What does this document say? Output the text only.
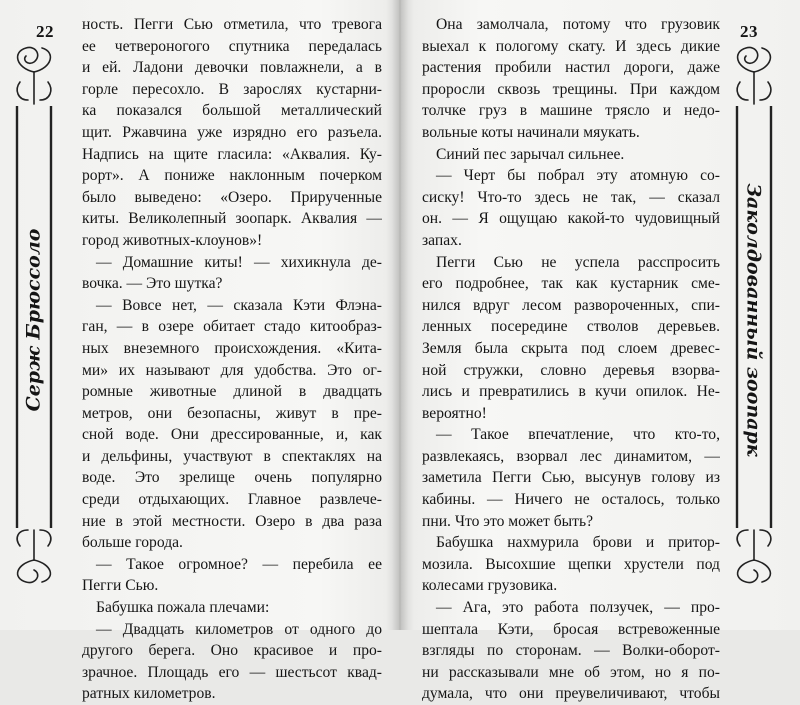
22
Серж Брюссоло
ность. Пегги Сью отметила, что тревога
ее четвероногого спутника передалась
и ей. Ладони девочки повлажнели, а в
горле пересохло. В зарослях кустарни-
ка показался большой металлический
щит. Ржавчина уже изрядно его разъела.
Надпись на щите гласила: «Аквалия. Ку-
рорт». А пониже наклонным почерком
было выведено: «Озеро. Прирученные
киты. Великолепный зоопарк. Аквалия —
город животных-клоунов»!
— Домашние киты! — хихикнула де-
вочка. — Это шутка?
— Вовсе нет, — сказала Кэти Флэна-
ган, — в озере обитает стадо китообраз-
ных внеземного происхождения. «Кита-
ми» их называют для удобства. Это ог-
ромные животные длиной в двадцать
метров, они безопасны, живут в пре-
сной воде. Они дрессированные, и, как
и дельфины, участвуют в спектаклях на
воде. Это зрелище очень популярно
среди отдыхающих. Главное развлече-
ние в этой местности. Озеро в два раза
больше города.
— Такое огромное? — перебила ее
Пегги Сью.
Бабушка пожала плечами:
— Двадцать километров от одного до
другого берега. Оно красивое и про-
зрачное. Площадь его — шестьсот квад-
ратных километров.
23
Заколдованный зоопарк
Она замолчала, потому что грузовик
выехал к пологому скату. И здесь дикие
растения пробили настил дороги, даже
проросли сквозь трещины. При каждом
толчке груз в машине трясло и недо-
вольные коты начинали мяукать.
Синий пес зарычал сильнее.
— Черт бы побрал эту атомную со-
сиску! Что-то здесь не так, — сказал
он. — Я ощущаю какой-то чудовищный
запах.
Пегги Сью не успела расспросить
его подробнее, так как кустарник сме-
нился вдруг лесом развороченных, спи-
ленных посередине стволов деревьев.
Земля была скрыта под слоем древес-
ной стружки, словно деревья взорва-
лись и превратились в кучи опилок. Не-
вероятно!
— Такое впечатление, что кто-то,
развлекаясь, взорвал лес динамитом, —
заметила Пегги Сью, высунув голову из
кабины. — Ничего не осталось, только
пни. Что это может быть?
Бабушка нахмурила брови и притор-
мозила. Высохшие щепки хрустели под
колесами грузовика.
— Ага, это работа ползучек, — про-
шептала Кэти, бросая встревоженные
взгляды по сторонам. — Волки-оборот-
ни рассказывали мне об этом, но я по-
думала, что они преувеличивают, чтобы
